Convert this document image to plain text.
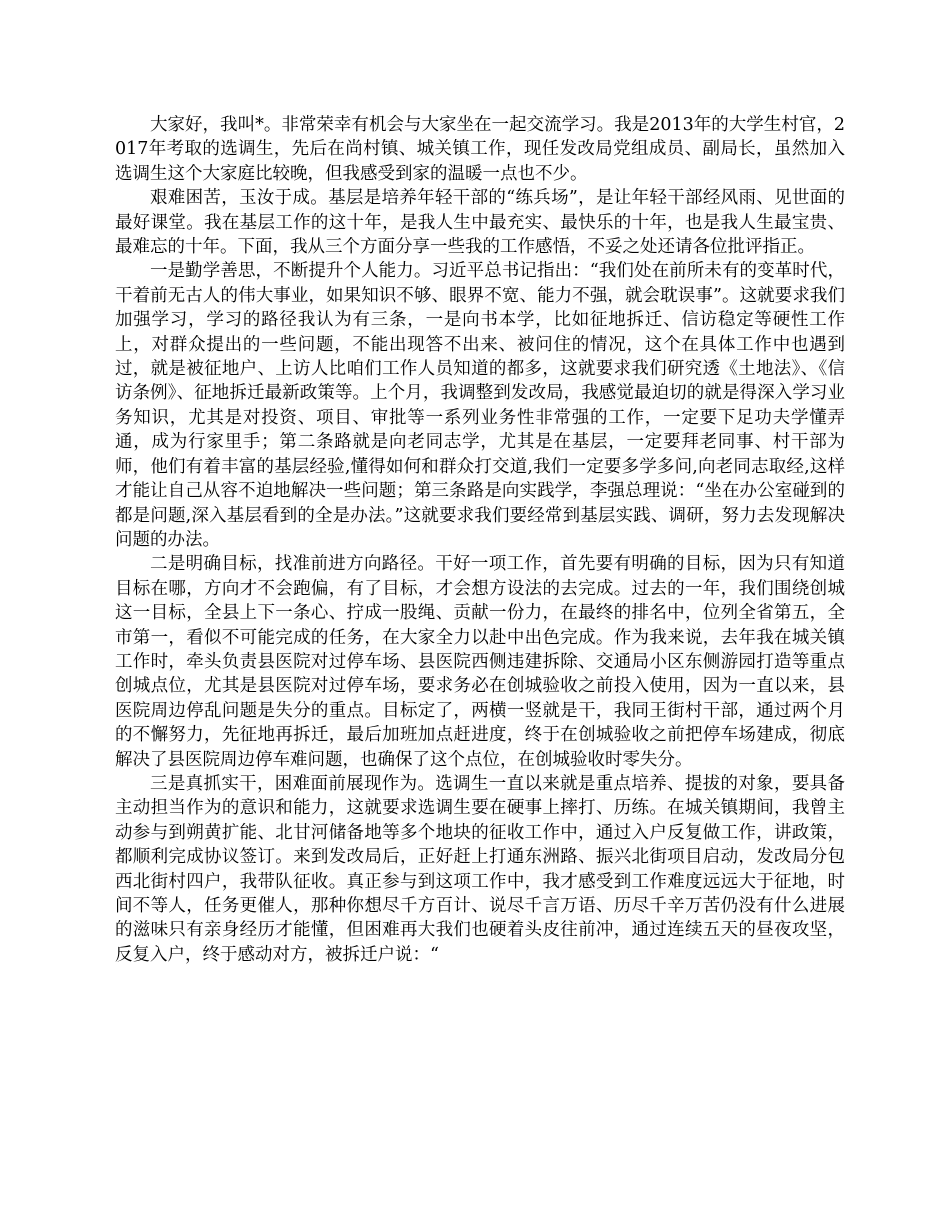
大家好，我叫*。非常荣幸有机会与大家坐在一起交流学习。我是2013年的大学生村官，2017年考取的选调生，先后在尚村镇、城关镇工作，现任发改局党组成员、副局长，虽然加入选调生这个大家庭比较晚，但我感受到家的温暖一点也不少。

艰难困苦，玉汝于成。基层是培养年轻干部的“练兵场”，是让年轻干部经风雨、见世面的最好课堂。我在基层工作的这十年，是我人生中最充实、最快乐的十年，也是我人生最宝贵、最难忘的十年。下面，我从三个方面分享一些我的工作感悟，不妥之处还请各位批评指正。

一是勤学善思，不断提升个人能力。习近平总书记指出：“我们处在前所未有的变革时代，干着前无古人的伟大事业，如果知识不够、眼界不宽、能力不强，就会耽误事”。这就要求我们加强学习，学习的路径我认为有三条，一是向书本学，比如征地拆迁、信访稳定等硬性工作上，对群众提出的一些问题，不能出现答不出来、被问住的情况，这个在具体工作中也遇到过，就是被征地户、上访人比咱们工作人员知道的都多，这就要求我们研究透《土地法》、《信访条例》、征地拆迁最新政策等。上个月，我调整到发改局，我感觉最迫切的就是得深入学习业务知识，尤其是对投资、项目、审批等一系列业务性非常强的工作，一定要下足功夫学懂弄通，成为行家里手；第二条路就是向老同志学，尤其是在基层，一定要拜老同事、村干部为师，他们有着丰富的基层经验,懂得如何和群众打交道,我们一定要多学多问,向老同志取经,这样才能让自己从容不迫地解决一些问题；第三条路是向实践学，李强总理说：“坐在办公室碰到的都是问题,深入基层看到的全是办法。”这就要求我们要经常到基层实践、调研，努力去发现解决问题的办法。

二是明确目标，找准前进方向路径。干好一项工作，首先要有明确的目标，因为只有知道目标在哪，方向才不会跑偏，有了目标，才会想方设法的去完成。过去的一年，我们围绕创城这一目标，全县上下一条心、拧成一股绳、贡献一份力，在最终的排名中，位列全省第五，全市第一，看似不可能完成的任务，在大家全力以赴中出色完成。作为我来说，去年我在城关镇工作时，牵头负责县医院对过停车场、县医院西侧违建拆除、交通局小区东侧游园打造等重点创城点位，尤其是县医院对过停车场，要求务必在创城验收之前投入使用，因为一直以来，县医院周边停乱问题是失分的重点。目标定了，两横一竖就是干，我同王街村干部，通过两个月的不懈努力，先征地再拆迁，最后加班加点赶进度，终于在创城验收之前把停车场建成，彻底解决了县医院周边停车难问题，也确保了这个点位，在创城验收时零失分。

三是真抓实干，困难面前展现作为。选调生一直以来就是重点培养、提拔的对象，要具备主动担当作为的意识和能力，这就要求选调生要在硬事上摔打、历练。在城关镇期间，我曾主动参与到朔黄扩能、北甘河储备地等多个地块的征收工作中，通过入户反复做工作，讲政策，都顺利完成协议签订。来到发改局后，正好赶上打通东洲路、振兴北街项目启动，发改局分包西北街村四户，我带队征收。真正参与到这项工作中，我才感受到工作难度远远大于征地，时间不等人，任务更催人，那种你想尽千方百计、说尽千言万语、历尽千辛万苦仍没有什么进展的滋味只有亲身经历才能懂，但困难再大我们也硬着头皮往前冲，通过连续五天的昼夜攻坚，反复入户，终于感动对方，被拆迁户说：“
